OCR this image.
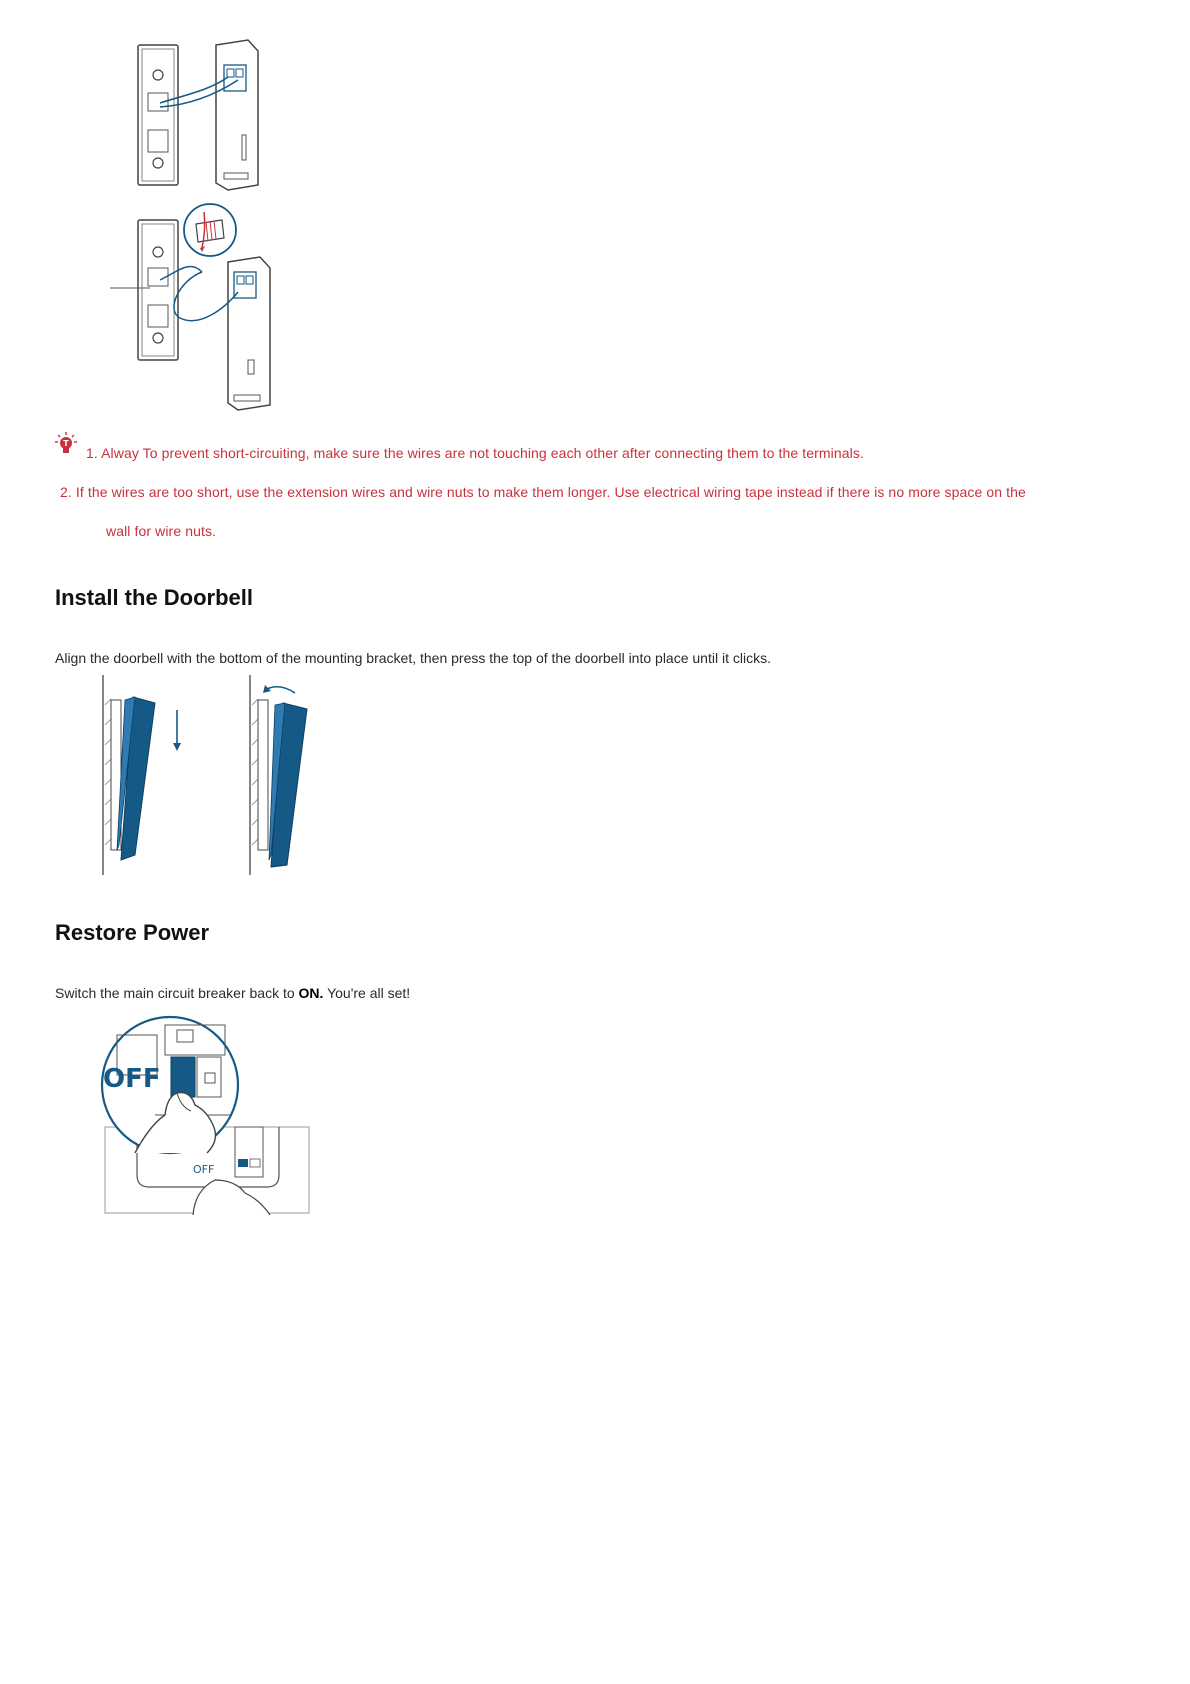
T
1. Alway To prevent short-circuiting, make sure the wires are not touching each other after connecting them to the terminals.
2. If the wires are too short, use the extension wires and wire nuts to make them longer. Use electrical wiring tape instead if there is no more space on the
wall for wire nuts.
Install the Doorbell
Align the doorbell with the bottom of the mounting bracket, then press the top of the doorbell into place until it clicks.
Restore Power
Switch the main circuit breaker back to ON. You're all set!
OFF
OFF
